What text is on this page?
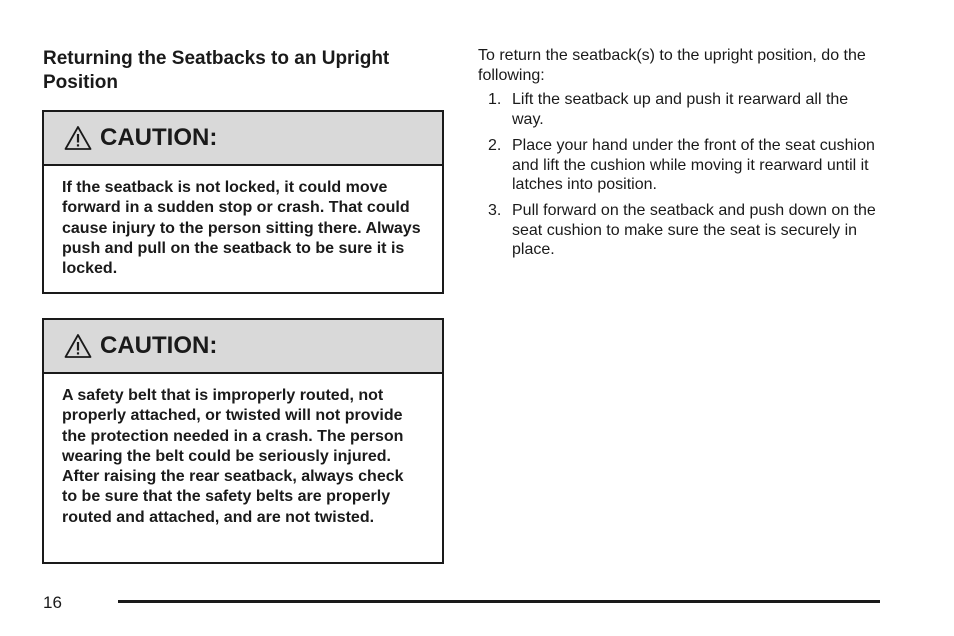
Returning the Seatbacks to an Upright Position
CAUTION:

If the seatback is not locked, it could move forward in a sudden stop or crash. That could cause injury to the person sitting there. Always push and pull on the seatback to be sure it is locked.

CAUTION:

A safety belt that is improperly routed, not properly attached, or twisted will not provide the protection needed in a crash. The person wearing the belt could be seriously injured. After raising the rear seatback, always check to be sure that the safety belts are properly routed and attached, and are not twisted.

To return the seatback(s) to the upright position, do the following:

1. Lift the seatback up and push it rearward all the way.
2. Place your hand under the front of the seat cushion and lift the cushion while moving it rearward until it latches into position.
3. Pull forward on the seatback and push down on the seat cushion to make sure the seat is securely in place.
16
